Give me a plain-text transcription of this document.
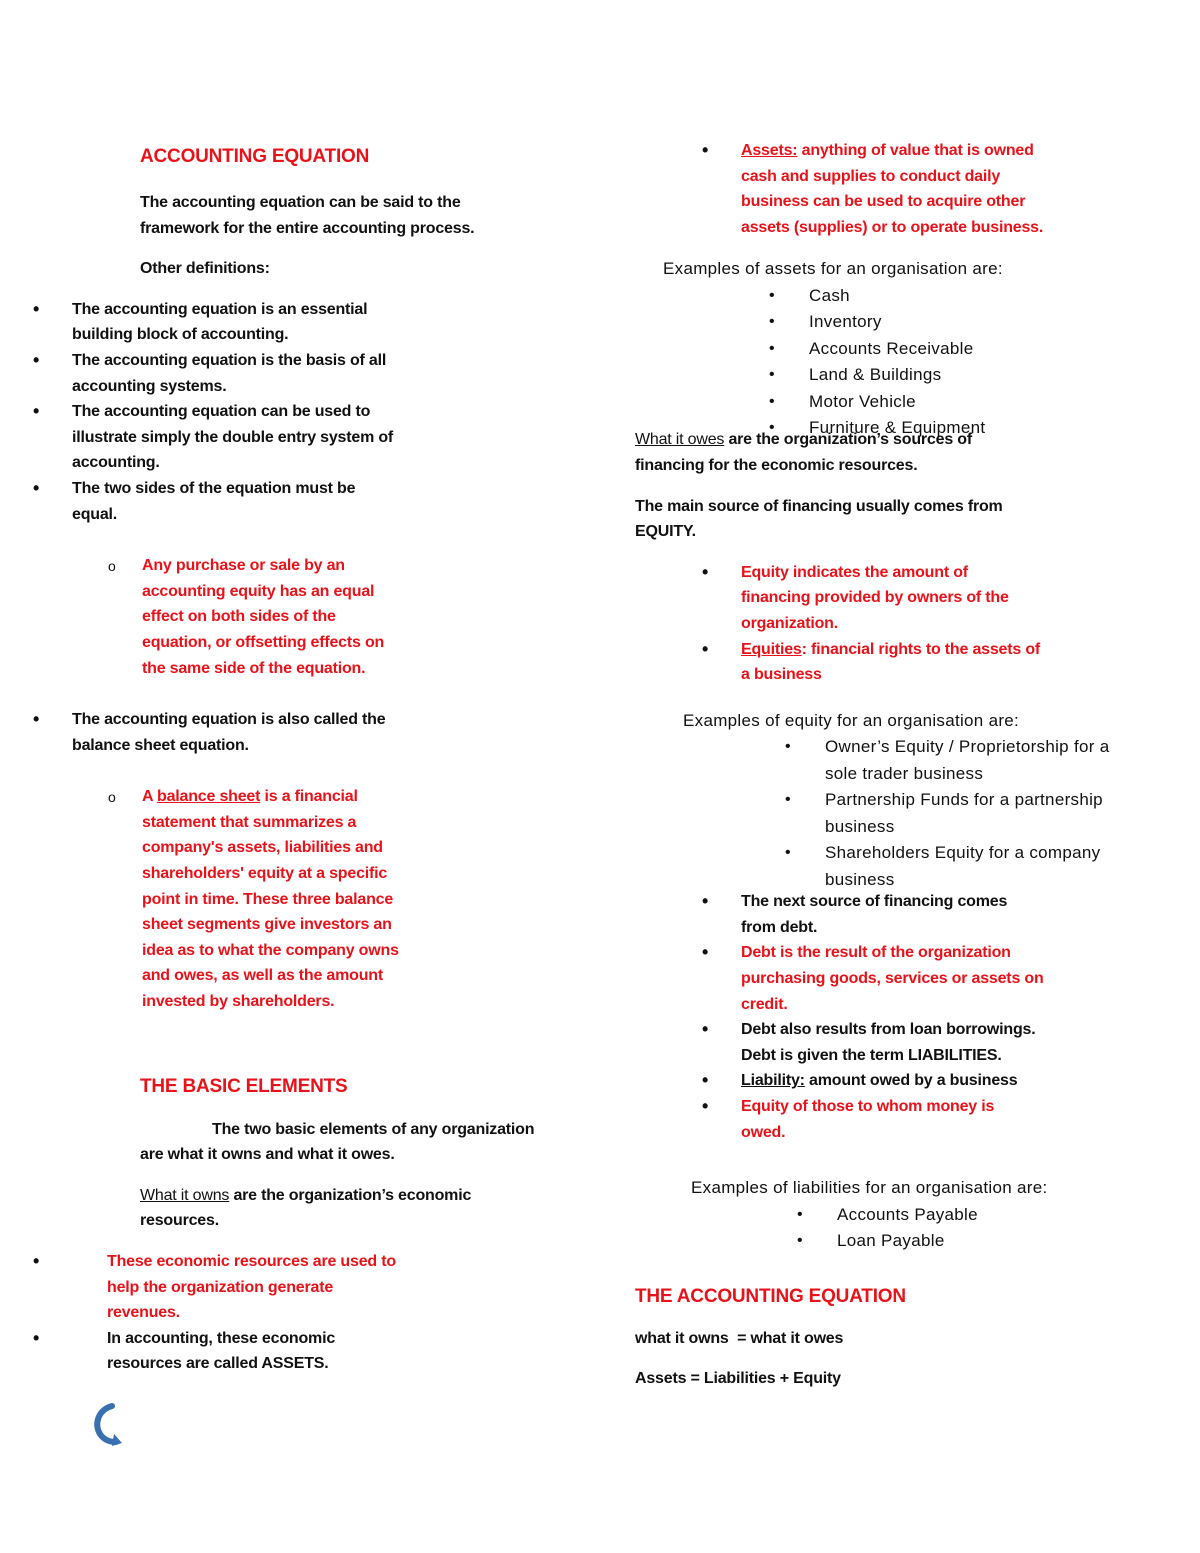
ACCOUNTING EQUATION

The accounting equation can be said to the
framework for the entire accounting process.

Other definitions:

• The accounting equation is an essential
building block of accounting.
• The accounting equation is the basis of all
accounting systems.
• The accounting equation can be used to
illustrate simply the double entry system of
accounting.
• The two sides of the equation must be
equal.
o Any purchase or sale by an
accounting equity has an equal
effect on both sides of the
equation, or offsetting effects on
the same side of the equation.
• The accounting equation is also called the
balance sheet equation.
o A balance sheet is a financial
statement that summarizes a
company's assets, liabilities and
shareholders' equity at a specific
point in time. These three balance
sheet segments give investors an
idea as to what the company owns
and owes, as well as the amount
invested by shareholders.
THE BASIC ELEMENTS

The two basic elements of any organization
are what it owns and what it owes.

What it owns are the organization’s economic
resources.

• These economic resources are used to
help the organization generate
revenues.
• In accounting, these economic
resources are called ASSETS.
• Assets: anything of value that is owned
cash and supplies to conduct daily
business can be used to acquire other
assets (supplies) or to operate business.

Examples of assets for an organisation are:

• Cash
• Inventory
• Accounts Receivable
• Land & Buildings
• Motor Vehicle
• Furniture & Equipment

What it owes are the organization’s sources of
financing for the economic resources.

The main source of financing usually comes from
EQUITY.

• Equity indicates the amount of
financing provided by owners of the
organization.
• Equities: financial rights to the assets of
a business

Examples of equity for an organisation are:

• Owner’s Equity / Proprietorship for a
sole trader business
• Partnership Funds for a partnership
business
• Shareholders Equity for a company
business
• The next source of financing comes
from debt.
• Debt is the result of the organization
purchasing goods, services or assets on
credit.
• Debt also results from loan borrowings.
Debt is given the term LIABILITIES.
• Liability: amount owed by a business
• Equity of those to whom money is
owed.

Examples of liabilities for an organisation are:

• Accounts Payable
• Loan Payable
THE ACCOUNTING EQUATION

what it owns  = what it owes

Assets = Liabilities + Equity
